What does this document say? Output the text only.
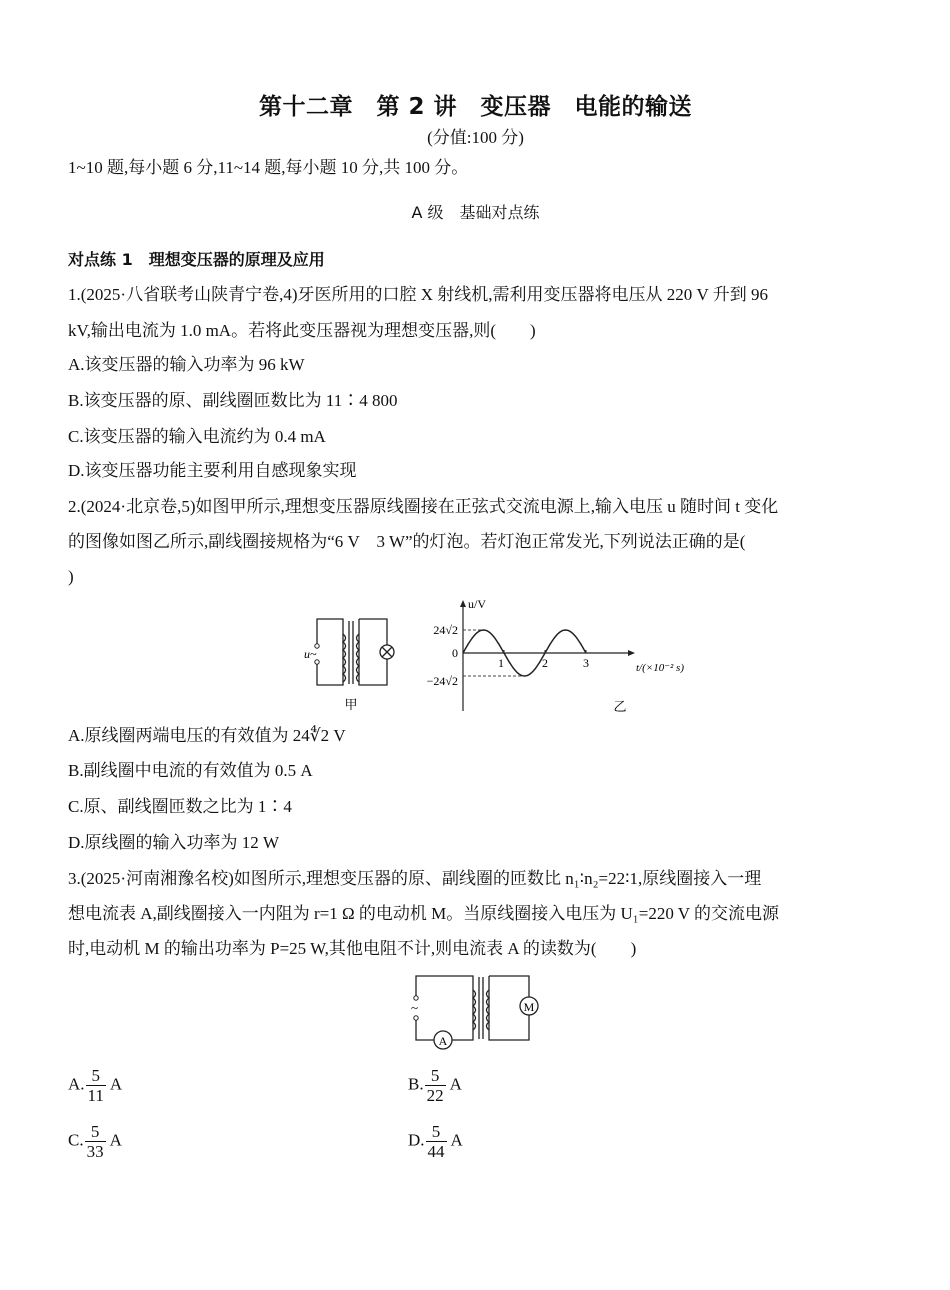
第十二章　第 2 讲　变压器　电能的输送
(分值:100 分)
1~10 题,每小题 6 分,11~14 题,每小题 10 分,共 100 分。
A 级　基础对点练
对点练 1　理想变压器的原理及应用
1.(2025·八省联考山陕青宁卷,4)牙医所用的口腔 X 射线机,需利用变压器将电压从 220 V 升到 96
kV,输出电流为 1.0 mA。若将此变压器视为理想变压器,则(　　)
A.该变压器的输入功率为 96 kW
B.该变压器的原、副线圈匝数比为 11∶4 800
C.该变压器的输入电流约为 0.4 mA
D.该变压器功能主要利用自感现象实现
2.(2024·北京卷,5)如图甲所示,理想变压器原线圈接在正弦式交流电源上,输入电压 u 随时间 t 变化
的图像如图乙所示,副线圈接规格为“6 V　3 W”的灯泡。若灯泡正常发光,下列说法正确的是(
)
u~
甲
1	2	3
u/V
24√2
0
−24√2
t/(×10⁻² s)
乙
A.原线圈两端电压的有效值为 24∜2 V
B.副线圈中电流的有效值为 0.5 A
C.原、副线圈匝数之比为 1∶4
D.原线圈的输入功率为 12 W
3.(2025·河南湘豫名校)如图所示,理想变压器的原、副线圈的匝数比 n₁∶n₂=22∶1,原线圈接入一理
想电流表 A,副线圈接入一内阻为 r=1 Ω 的电动机 M。当原线圈接入电压为 U₁=220 V 的交流电源
时,电动机 M 的输出功率为 P=25 W,其他电阻不计,则电流表 A 的读数为(　　)
~
A
M
A. $\frac{5}{11}$ A	B. $\frac{5}{22}$ A
C. $\frac{5}{33}$ A	D. $\frac{5}{44}$ A
